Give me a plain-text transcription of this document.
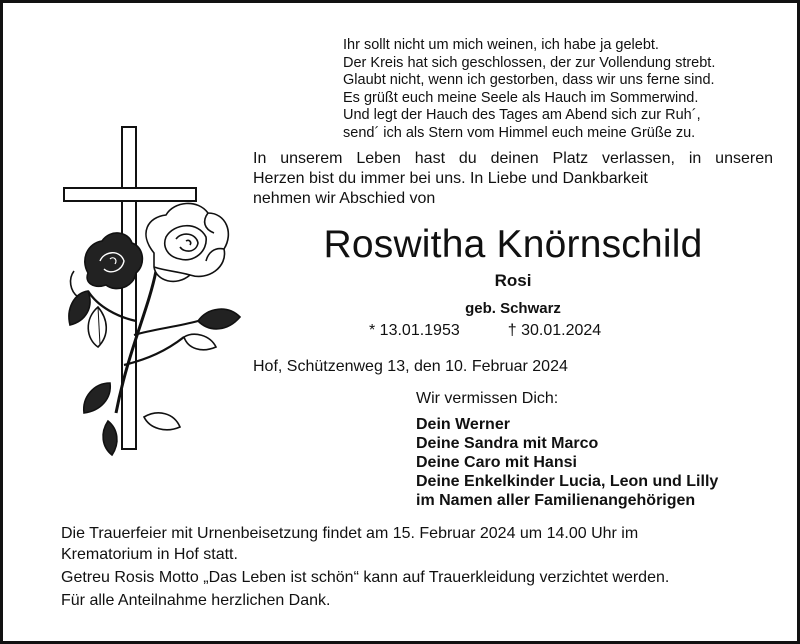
Ihr sollt nicht um mich weinen, ich habe ja gelebt.
Der Kreis hat sich geschlossen, der zur Vollendung strebt.
Glaubt nicht, wenn ich gestorben, dass wir uns ferne sind.
Es grüßt euch meine Seele als Hauch im Sommerwind.
Und legt der Hauch des Tages am Abend sich zur Ruh´,
send´ ich als Stern vom Himmel euch meine Grüße zu.
In unserem Leben hast du deinen Platz verlassen, in unseren
Herzen bist du immer bei uns. In Liebe und Dankbarkeit
nehmen wir Abschied von
Roswitha Knörnschild
Rosi
geb. Schwarz
* 13.01.1953	† 30.01.2024
Hof, Schützenweg 13, den 10. Februar 2024
Wir vermissen Dich:
Dein Werner
Deine Sandra mit Marco
Deine Caro mit Hansi
Deine Enkelkinder Lucia, Leon und Lilly
im Namen aller Familienangehörigen
Die Trauerfeier mit Urnenbeisetzung findet am 15. Februar 2024 um 14.00 Uhr im
Krematorium in Hof statt.
Getreu Rosis Motto „Das Leben ist schön“ kann auf Trauerkleidung verzichtet werden.
Für alle Anteilnahme herzlichen Dank.
